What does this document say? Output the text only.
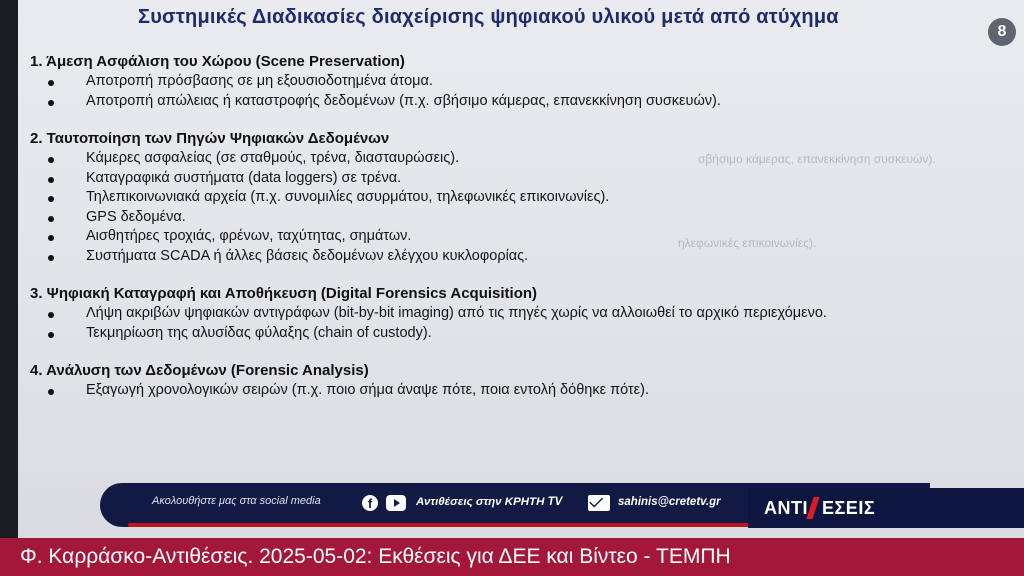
Συστημικές Διαδικασίες διαχείρισης ψηφιακού υλικού μετά από ατύχημα
8
σβήσιμο κάμερας, επανεκκίνηση συσκευών).
ηλεφωνικές επικοινωνίες).
1. Άμεση Ασφάλιση του Χώρου (Scene Preservation)
Αποτροπή πρόσβασης σε μη εξουσιοδοτημένα άτομα.
Αποτροπή απώλειας ή καταστροφής δεδομένων (π.χ. σβήσιμο κάμερας, επανεκκίνηση συσκευών).
2. Ταυτοποίηση των Πηγών Ψηφιακών Δεδομένων
Κάμερες ασφαλείας (σε σταθμούς, τρένα, διασταυρώσεις).
Καταγραφικά συστήματα (data loggers) σε τρένα.
Τηλεπικοινωνιακά αρχεία (π.χ. συνομιλίες ασυρμάτου, τηλεφωνικές επικοινωνίες).
GPS δεδομένα.
Αισθητήρες τροχιάς, φρένων, ταχύτητας, σημάτων.
Συστήματα SCADA ή άλλες βάσεις δεδομένων ελέγχου κυκλοφορίας.
3. Ψηφιακή Καταγραφή και Αποθήκευση (Digital Forensics Acquisition)
Λήψη ακριβών ψηφιακών αντιγράφων (bit-by-bit imaging) από τις πηγές χωρίς να αλλοιωθεί το αρχικό περιεχόμενο.
Τεκμηρίωση της αλυσίδας φύλαξης (chain of custody).
4. Ανάλυση των Δεδομένων (Forensic Analysis)
Εξαγωγή χρονολογικών σειρών (π.χ. ποιο σήμα άναψε πότε, ποια εντολή δόθηκε πότε).
Ακολουθήστε μας στα social media	f	Αντιθέσεις στην ΚΡΗΤΗ TV	sahinis@cretetv.gr ΑΝΤΙ ΕΣΕΙΣ
Φ. Καρράσκο-Αντιθέσεις. 2025-05-02: Εκθέσεις για ΔΕΕ και Βίντεο - ΤΕΜΠΗ
